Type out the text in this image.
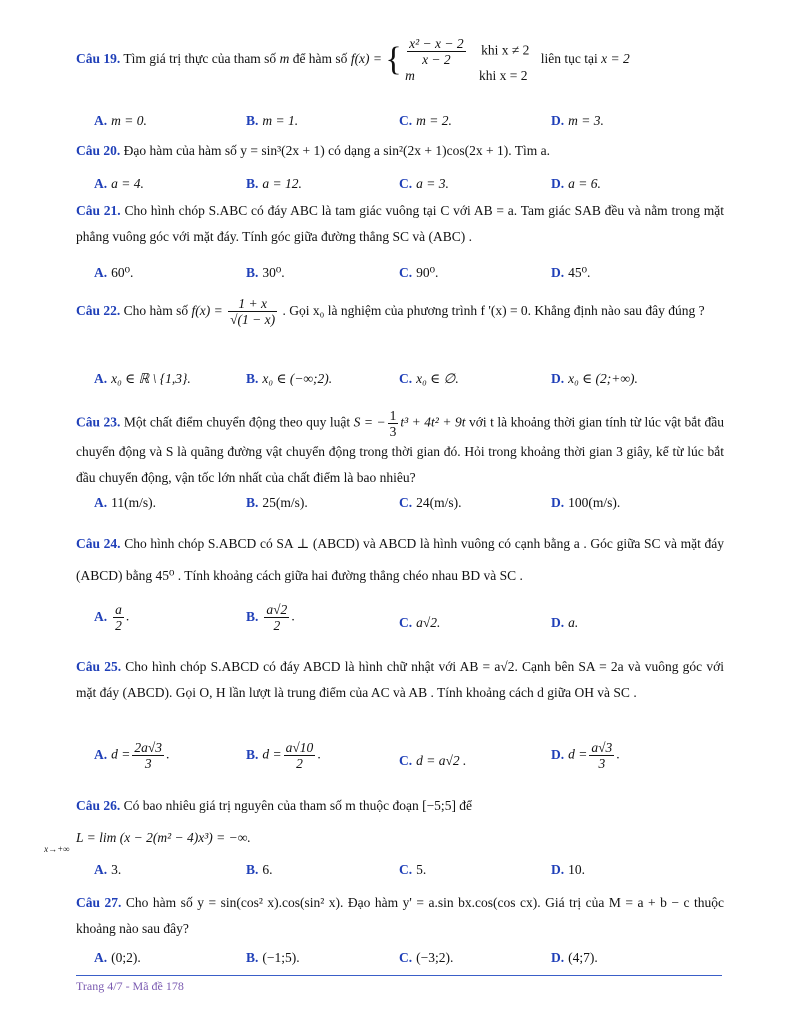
Câu 19. Tìm giá trị thực của tham số m để hàm số f(x) = { $\frac{\text{x² − x − 2}}{x - 2}$ khi x ≠ 2
m	khi x = 2
liên tục tại x = 2
A. m = 0.	B. m = 1.	C. m = 2.	D. m = 3.
Câu 20. Đạo hàm của hàm số y = sin³(2x + 1) có dạng a sin²(2x + 1)cos(2x + 1). Tìm a.
A. a = 4.	B. a = 12.	C. a = 3.	D. a = 6.
Câu 21. Cho hình chóp S.ABC có đáy ABC là tam giác vuông tại C với AB = a. Tam giác SAB đều và nằm trong mặt phẳng vuông góc với mặt đáy. Tính góc giữa đường thẳng SC và (ABC) .
A. 60⁰.	B. 30⁰.	C. 90⁰.	D. 45⁰.
Câu 22. Cho hàm số $f(x) = \frac{1 + x}{√(1 - x)}$ . Gọi x₀ là nghiệm của phương trình f '(x) = 0. Khẳng định nào sau đây đúng ?
A. x₀ ∈ ℝ \ {1,3}.	B. x₀ ∈ (−∞;2).	C. x₀ ∈ ∅.	D. x₀ ∈ (2;+∞).
Câu 23. Một chất điểm chuyển động theo quy luật S = − $\frac{1}{3} t^3 + 4t^2 + 9t$ với t là khoảng thời gian tính từ lúc vật bắt đầu chuyển động và S là quãng đường vật chuyển động trong thời gian đó. Hỏi trong khoảng thời gian 3 giây, kể từ lúc bắt đầu chuyển động, vận tốc lớn nhất của chất điểm là bao nhiêu?
A. 11(m/s).	B. 25(m/s).	C. 24(m/s).	D. 100(m/s).
Câu 24. Cho hình chóp S.ABCD có SA ⊥ (ABCD) và ABCD là hình vuông có cạnh bằng a . Góc giữa SC và mặt đáy (ABCD) bằng 45⁰ . Tính khoảng cách giữa hai đường thẳng chéo nhau BD và SC .
A. $\frac{a}{2}$ .	B. $\frac{a√2}{2}$ .	C. a√2.	D. a.
Câu 25. Cho hình chóp S.ABCD có đáy ABCD là hình chữ nhật với AB = a√2. Cạnh bên SA = 2a và vuông góc với mặt đáy (ABCD). Gọi O, H lần lượt là trung điểm của AC và AB . Tính khoảng cách d giữa OH và SC .
A. $d = \frac{2a√3}{3}$ .	B. $d = \frac{a√10}{2}$ .	C. d = a√2 .	D. $d = \frac{a√3}{3}$ .
Câu 26. Có bao nhiêu giá trị nguyên của tham số m thuộc đoạn [−5;5] để
L = lim (x − 2(m² − 4)x³) = −∞. $_{x\to+\infty}$
A. 3.	B. 6.	C. 5.	D. 10.
Câu 27. Cho hàm số y = sin(cos² x).cos(sin² x). Đạo hàm y' = a.sin bx.cos(cos cx). Giá trị của M = a + b − c thuộc khoảng nào sau đây?
A. (0;2).	B. (−1;5).	C. (−3;2).	D. (4;7).
Trang 4/7 - Mã đề 178
